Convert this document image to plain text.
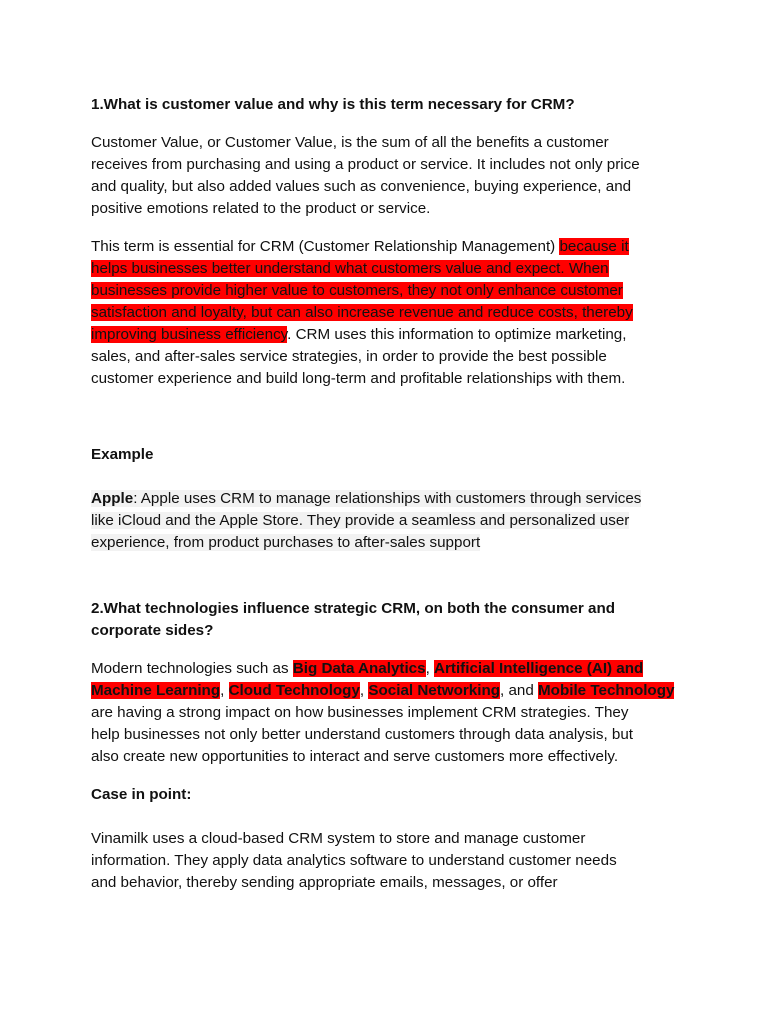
1.What is customer value and why is this term necessary for CRM?
Customer Value, or Customer Value, is the sum of all the benefits a customer
receives from purchasing and using a product or service. It includes not only price
and quality, but also added values such as convenience, buying experience, and
positive emotions related to the product or service.
This term is essential for CRM (Customer Relationship Management) because it
helps businesses better understand what customers value and expect. When
businesses provide higher value to customers, they not only enhance customer
satisfaction and loyalty, but can also increase revenue and reduce costs, thereby
improving business efficiency. CRM uses this information to optimize marketing,
sales, and after-sales service strategies, in order to provide the best possible
customer experience and build long-term and profitable relationships with them.
Example
Apple: Apple uses CRM to manage relationships with customers through services
like iCloud and the Apple Store. They provide a seamless and personalized user
experience, from product purchases to after-sales support
2.What technologies influence strategic CRM, on both the consumer and
corporate sides?
Modern technologies such as Big Data Analytics, Artificial Intelligence (AI) and
Machine Learning, Cloud Technology, Social Networking, and Mobile Technology
are having a strong impact on how businesses implement CRM strategies. They
help businesses not only better understand customers through data analysis, but
also create new opportunities to interact and serve customers more effectively.
Case in point:
Vinamilk uses a cloud-based CRM system to store and manage customer
information. They apply data analytics software to understand customer needs
and behavior, thereby sending appropriate emails, messages, or offer
